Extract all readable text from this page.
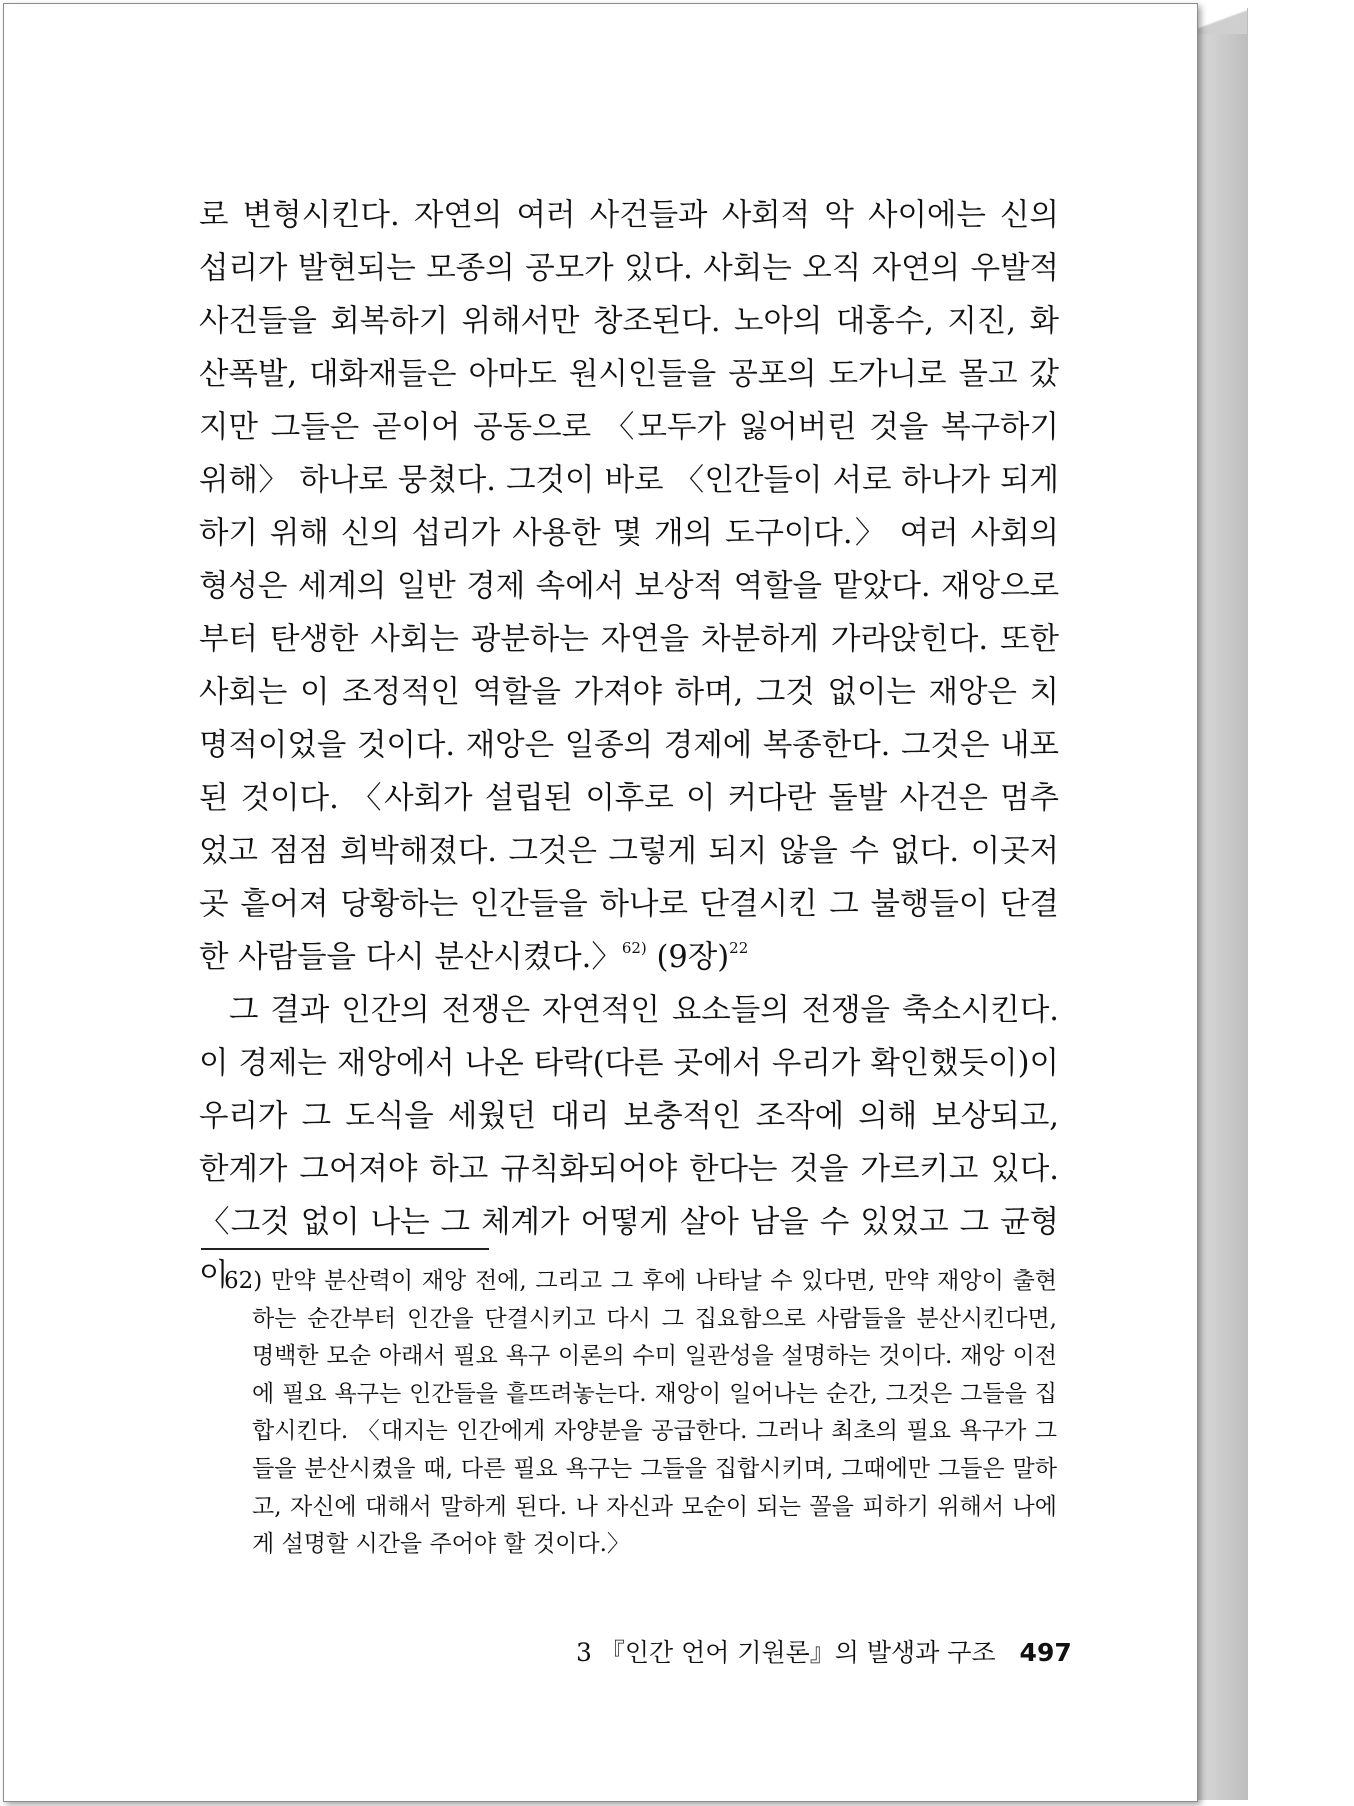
로 변형시킨다. 자연의 여러 사건들과 사회적 악 사이에는 신의 섭리가 발현되는 모종의 공모가 있다. 사회는 오직 자연의 우발적 사건들을 회복하기 위해서만 창조된다. 노아의 대홍수, 지진, 화산폭발, 대화재들은 아마도 원시인들을 공포의 도가니로 몰고 갔지만 그들은 곧이어 공동으로 〈모두가 잃어버린 것을 복구하기 위해〉 하나로 뭉쳤다. 그것이 바로 〈인간들이 서로 하나가 되게 하기 위해 신의 섭리가 사용한 몇 개의 도구이다.〉 여러 사회의 형성은 세계의 일반 경제 속에서 보상적 역할을 맡았다. 재앙으로부터 탄생한 사회는 광분하는 자연을 차분하게 가라앉힌다. 또한 사회는 이 조정적인 역할을 가져야 하며, 그것 없이는 재앙은 치명적이었을 것이다. 재앙은 일종의 경제에 복종한다. 그것은 내포된 것이다. 〈사회가 설립된 이후로 이 커다란 돌발 사건은 멈추었고 점점 희박해졌다. 그것은 그렇게 되지 않을 수 없다. 이곳저곳 흩어져 당황하는 인간들을 하나로 단결시킨 그 불행들이 단결한 사람들을 다시 분산시켰다.〉$^{62)}$ (9장)$^{22}$

그 결과 인간의 전쟁은 자연적인 요소들의 전쟁을 축소시킨다. 이 경제는 재앙에서 나온 타락(다른 곳에서 우리가 확인했듯이)이 우리가 그 도식을 세웠던 대리 보충적인 조작에 의해 보상되고, 한계가 그어져야 하고 규칙화되어야 한다는 것을 가르키고 있다. 〈그것 없이 나는 그 체계가 어떻게 살아 남을 수 있었고 그 균형이

62) 만약 분산력이 재앙 전에, 그리고 그 후에 나타날 수 있다면, 만약 재앙이 출현하는 순간부터 인간을 단결시키고 다시 그 집요함으로 사람들을 분산시킨다면, 명백한 모순 아래서 필요 욕구 이론의 수미 일관성을 설명하는 것이다. 재앙 이전에 필요 욕구는 인간들을 흩뜨려놓는다. 재앙이 일어나는 순간, 그것은 그들을 집합시킨다. 〈대지는 인간에게 자양분을 공급한다. 그러나 최초의 필요 욕구가 그들을 분산시켰을 때, 다른 필요 욕구는 그들을 집합시키며, 그때에만 그들은 말하고, 자신에 대해서 말하게 된다. 나 자신과 모순이 되는 꼴을 피하기 위해서 나에게 설명할 시간을 주어야 할 것이다.〉
3 『인간 언어 기원론』의 발생과 구조 497
